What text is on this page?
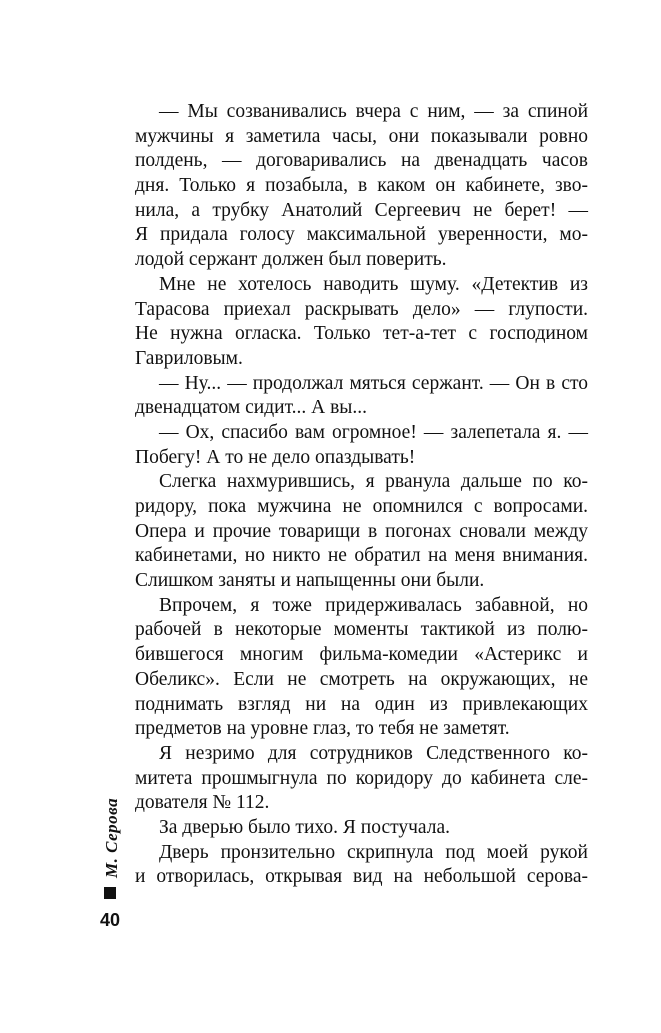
— Мы созванивались вчера с ним, — за спиной
мужчины я заметила часы, они показывали ровно
полдень, — договаривались на двенадцать часов
дня. Только я позабыла, в каком он кабинете, зво-
нила, а трубку Анатолий Сергеевич не берет! —
Я придала голосу максимальной уверенности, мо-
лодой сержант должен был поверить.
Мне не хотелось наводить шуму. «Детектив из
Тарасова приехал раскрывать дело» — глупости.
Не нужна огласка. Только тет-а-тет с господином
Гавриловым.
— Ну... — продолжал мяться сержант. — Он в сто
двенадцатом сидит... А вы...
— Ох, спасибо вам огромное! — залепетала я. —
Побегу! А то не дело опаздывать!
Слегка нахмурившись, я рванула дальше по ко-
ридору, пока мужчина не опомнился с вопросами.
Опера и прочие товарищи в погонах сновали между
кабинетами, но никто не обратил на меня внимания.
Слишком заняты и напыщенны они были.
Впрочем, я тоже придерживалась забавной, но
рабочей в некоторые моменты тактикой из полю-
бившегося многим фильма-комедии «Астерикс и
Обеликс». Если не смотреть на окружающих, не
поднимать взгляд ни на один из привлекающих
предметов на уровне глаз, то тебя не заметят.
Я незримо для сотрудников Следственного ко-
митета прошмыгнула по коридору до кабинета сле-
дователя № 112.
За дверью было тихо. Я постучала.
Дверь пронзительно скрипнула под моей рукой
и отворилась, открывая вид на небольшой серова-
М. Серова
40
